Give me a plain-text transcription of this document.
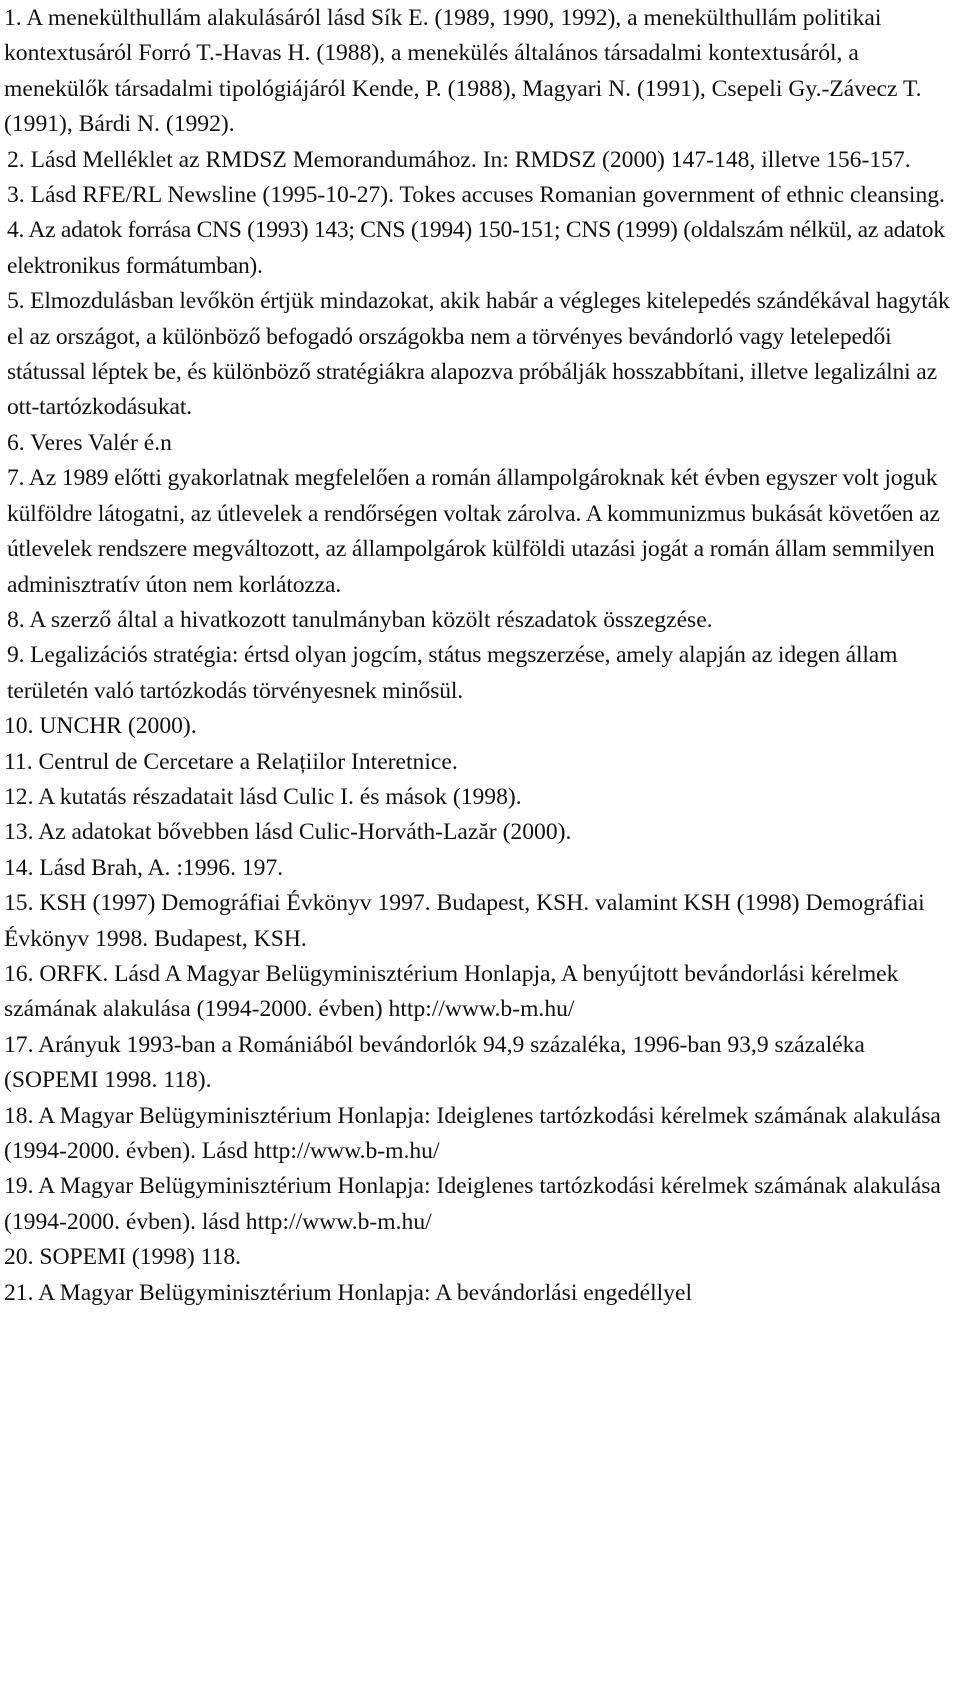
1. A menekülthullám alakulásáról lásd Sík E. (1989, 1990, 1992), a menekülthullám politikai kontextusáról Forró T.-Havas H. (1988), a menekülés általános társadalmi kontextusáról, a menekülők társadalmi tipológiájáról Kende, P. (1988), Magyari N. (1991), Csepeli Gy.-Závecz T. (1991), Bárdi N. (1992).

2. Lásd Melléklet az RMDSZ Memorandumához. In: RMDSZ (2000) 147-148, illetve 156-157.

3. Lásd RFE/RL Newsline (1995-10-27). Tokes accuses Romanian government of ethnic cleansing.

4. Az adatok forrása CNS (1993) 143; CNS (1994) 150-151; CNS (1999) (oldalszám nélkül, az adatok elektronikus formátumban).

5. Elmozdulásban levőkön értjük mindazokat, akik habár a végleges kitelepedés szándékával hagyták el az országot, a különböző befogadó országokba nem a törvényes bevándorló vagy letelepedői státussal léptek be, és különböző stratégiákra alapozva próbálják hosszabbítani, illetve legalizálni az ott-tartózkodásukat.

6. Veres Valér é.n

7. Az 1989 előtti gyakorlatnak megfelelően a román állampolgároknak két évben egyszer volt joguk külföldre látogatni, az útlevelek a rendőrségen voltak zárolva. A kommunizmus bukását követően az útlevelek rendszere megváltozott, az állampolgárok külföldi utazási jogát a román állam semmilyen adminisztratív úton nem korlátozza.

8. A szerző által a hivatkozott tanulmányban közölt részadatok összegzése.

9. Legalizációs stratégia: értsd olyan jogcím, státus megszerzése, amely alapján az idegen állam területén való tartózkodás törvényesnek minősül.

10. UNCHR (2000).

11. Centrul de Cercetare a Relațiilor Interetnice.

12. A kutatás részadatait lásd Culic I. és mások (1998).

13. Az adatokat bővebben lásd Culic-Horváth-Lazăr (2000).

14. Lásd Brah, A. :1996. 197.

15. KSH (1997) Demográfiai Évkönyv 1997. Budapest, KSH. valamint KSH (1998) Demográfiai Évkönyv 1998. Budapest, KSH.

16. ORFK. Lásd A Magyar Belügyminisztérium Honlapja, A benyújtott bevándorlási kérelmek számának alakulása (1994-2000. évben) http://www.b-m.hu/

17. Arányuk 1993-ban a Romániából bevándorlók 94,9 százaléka, 1996-ban 93,9 százaléka (SOPEMI 1998. 118).

18. A Magyar Belügyminisztérium Honlapja: Ideiglenes tartózkodási kérelmek számának alakulása (1994-2000. évben). Lásd http://www.b-m.hu/

19. A Magyar Belügyminisztérium Honlapja: Ideiglenes tartózkodási kérelmek számának alakulása (1994-2000. évben). lásd http://www.b-m.hu/

20. SOPEMI (1998) 118.

21. A Magyar Belügyminisztérium Honlapja: A bevándorlási engedéllyel
